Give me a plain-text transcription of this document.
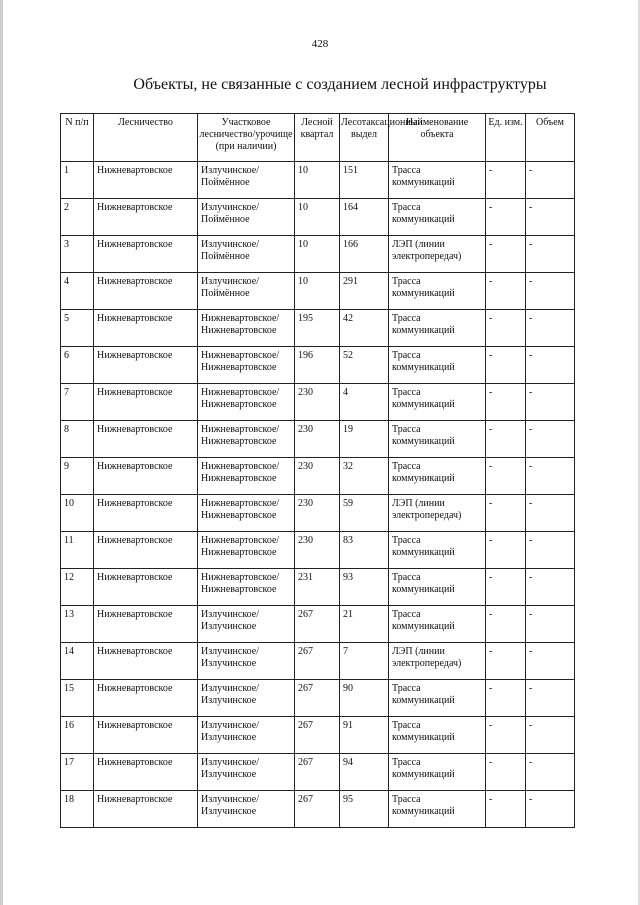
428
Объекты, не связанные с созданием лесной инфраструктуры
N п/п	Лесничество	Участковое лесничество/урочище (при наличии)	Лесной квартал	Лесотаксационный выдел	Наименование объекта	Ед. изм.	Объем
1	Нижневартовское	Излучинское/Поймённое	10	151	Трасса коммуникаций	-	-
2	Нижневартовское	Излучинское/Поймённое	10	164	Трасса коммуникаций	-	-
3	Нижневартовское	Излучинское/Поймённое	10	166	ЛЭП (линии электропередач)	-	-
4	Нижневартовское	Излучинское/Поймённое	10	291	Трасса коммуникаций	-	-
5	Нижневартовское	Нижневартовское/ Нижневартовское	195	42	Трасса коммуникаций	-	-
6	Нижневартовское	Нижневартовское/ Нижневартовское	196	52	Трасса коммуникаций	-	-
7	Нижневартовское	Нижневартовское/ Нижневартовское	230	4	Трасса коммуникаций	-	-
8	Нижневартовское	Нижневартовское/ Нижневартовское	230	19	Трасса коммуникаций	-	-
9	Нижневартовское	Нижневартовское/ Нижневартовское	230	32	Трасса коммуникаций	-	-
10	Нижневартовское	Нижневартовское/ Нижневартовское	230	59	ЛЭП (линии электропередач)	-	-
11	Нижневартовское	Нижневартовское/ Нижневартовское	230	83	Трасса коммуникаций	-	-
12	Нижневартовское	Нижневартовское/ Нижневартовское	231	93	Трасса коммуникаций	-	-
13	Нижневартовское	Излучинское/Излучинское	267	21	Трасса коммуникаций	-	-
14	Нижневартовское	Излучинское/Излучинское	267	7	ЛЭП (линии электропередач)	-	-
15	Нижневартовское	Излучинское/Излучинское	267	90	Трасса коммуникаций	-	-
16	Нижневартовское	Излучинское/Излучинское	267	91	Трасса коммуникаций	-	-
17	Нижневартовское	Излучинское/Излучинское	267	94	Трасса коммуникаций	-	-
18	Нижневартовское	Излучинское/Излучинское	267	95	Трасса коммуникаций	-	-
